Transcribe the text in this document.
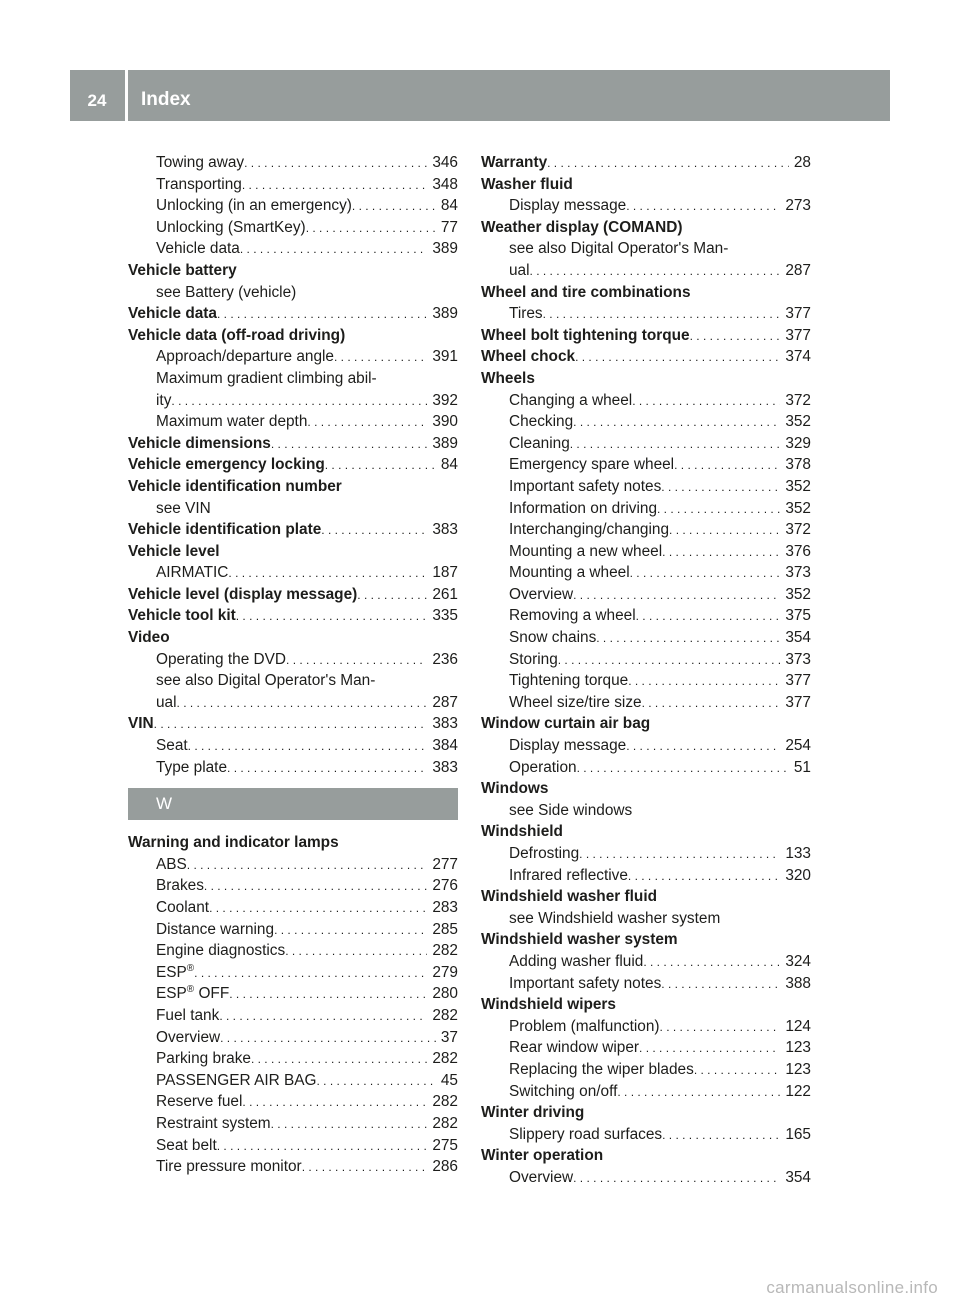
24	Index
Towing away . . .	346
Transporting . . .	348
Unlocking (in an emergency) . . .	84
Unlocking (SmartKey) . . .	77
Vehicle data . . .	389
Vehicle battery
see Battery (vehicle)
Vehicle data . . .	389
Vehicle data (off-road driving)
Approach/departure angle . . .	391
Maximum gradient climbing abil-
ity . . .	392
Maximum water depth . . .	390
Vehicle dimensions . . .	389
Vehicle emergency locking . . .	84
Vehicle identification number
see VIN
Vehicle identification plate . . .	383
Vehicle level
AIRMATIC . . .	187
Vehicle level (display message) . . .	261
Vehicle tool kit . . .	335
Video
Operating the DVD . . .	236
see also Digital Operator's Man-
ual . . .	287
VIN . . .	383
Seat . . .	384
Type plate . . .	383
W
Warning and indicator lamps
ABS . . .	277
Brakes . . .	276
Coolant . . .	283
Distance warning . . .	285
Engine diagnostics . . .	282
ESP® . . .	279
ESP® OFF . . .	280
Fuel tank . . .	282
Overview . . .	37
Parking brake . . .	282
PASSENGER AIR BAG . . .	45
Reserve fuel . . .	282
Restraint system . . .	282
Seat belt . . .	275
Tire pressure monitor . . .	286
Warranty . . .	28
Washer fluid
Display message . . .	273
Weather display (COMAND)
see also Digital Operator's Man-
ual . . .	287
Wheel and tire combinations
Tires . . .	377
Wheel bolt tightening torque . . .	377
Wheel chock . . .	374
Wheels
Changing a wheel . . .	372
Checking . . .	352
Cleaning . . .	329
Emergency spare wheel . . .	378
Important safety notes . . .	352
Information on driving . . .	352
Interchanging/changing . . .	372
Mounting a new wheel . . .	376
Mounting a wheel . . .	373
Overview . . .	352
Removing a wheel . . .	375
Snow chains . . .	354
Storing . . .	373
Tightening torque . . .	377
Wheel size/tire size . . .	377
Window curtain air bag
Display message . . .	254
Operation . . .	51
Windows
see Side windows
Windshield
Defrosting . . .	133
Infrared reflective . . .	320
Windshield washer fluid
see Windshield washer system
Windshield washer system
Adding washer fluid . . .	324
Important safety notes . . .	388
Windshield wipers
Problem (malfunction) . . .	124
Rear window wiper . . .	123
Replacing the wiper blades . . .	123
Switching on/off . . .	122
Winter driving
Slippery road surfaces . . .	165
Winter operation
Overview . . .	354
carmanualsonline.info
